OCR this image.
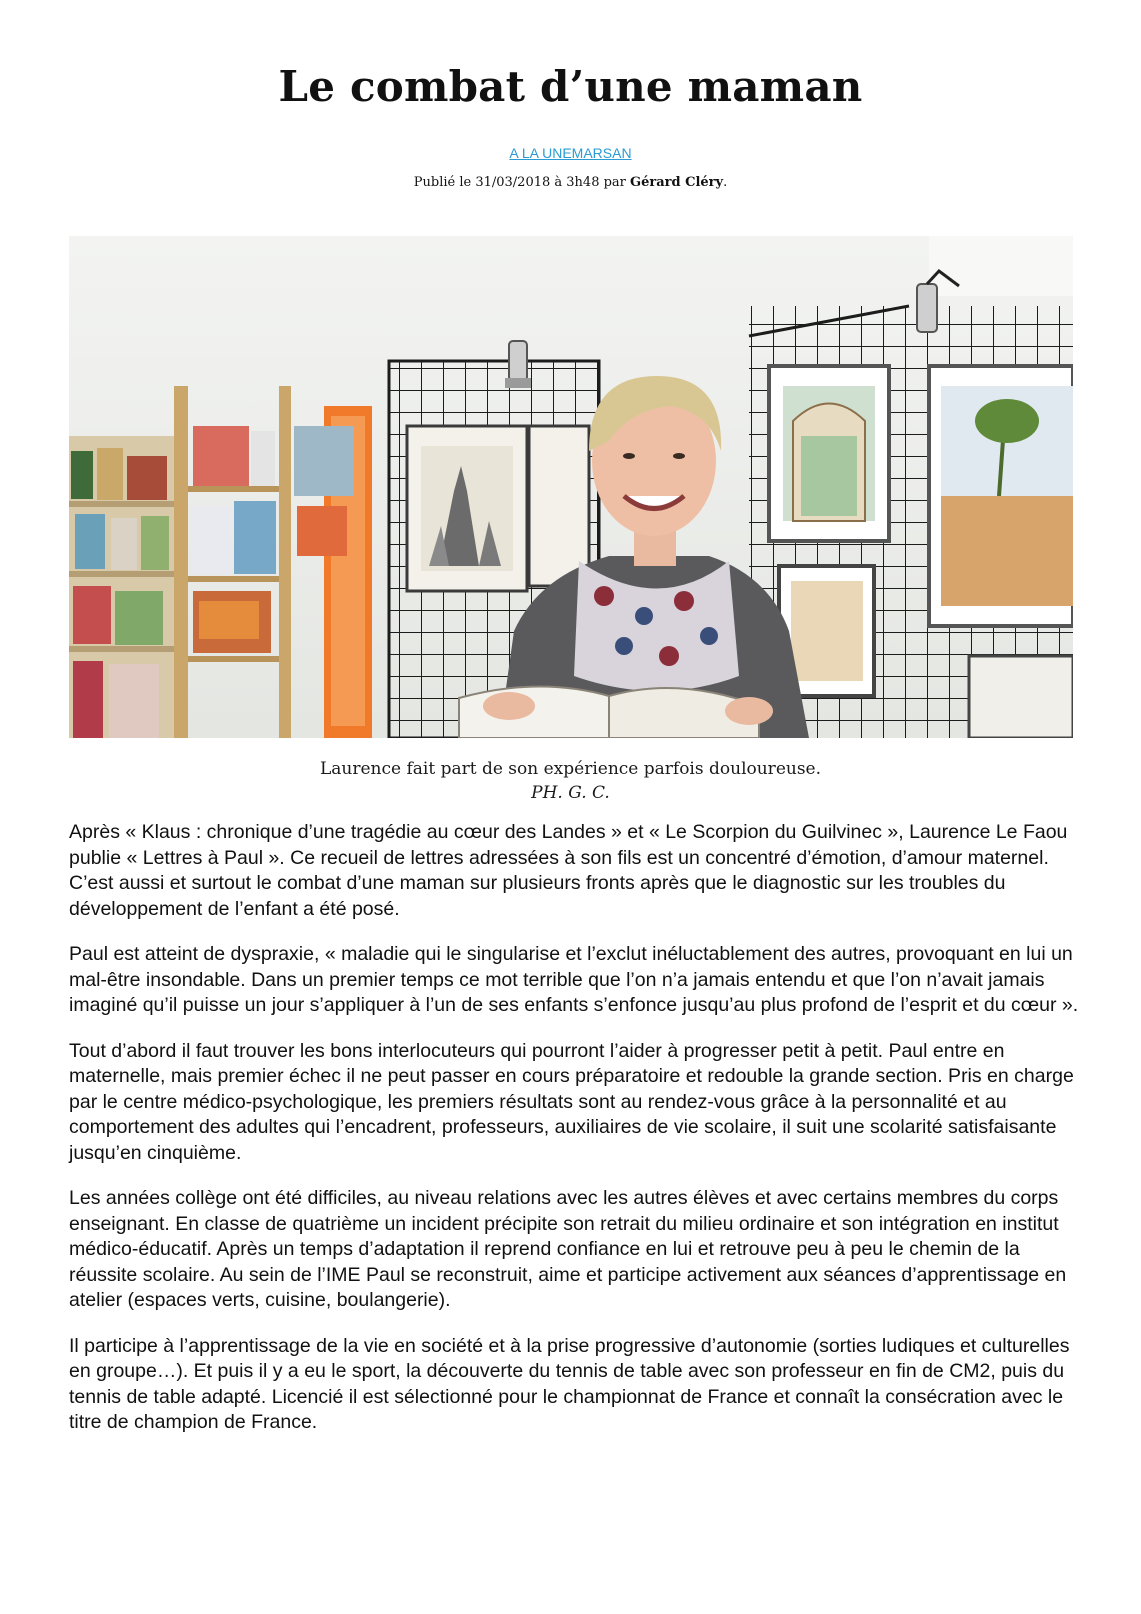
Le combat d’une maman
A LA UNEMARSAN
Publié le 31/03/2018 à 3h48 par Gérard Cléry.
Laurence fait part de son expérience parfois douloureuse.
PH. G. C.

Après « Klaus : chronique d’une tragédie au cœur des Landes » et « Le Scorpion du Guilvinec », Laurence Le Faou publie « Lettres à Paul ». Ce recueil de lettres adressées à son fils est un concentré d’émotion, d’amour maternel. C’est aussi et surtout le combat d’une maman sur plusieurs fronts après que le diagnostic sur les troubles du développement de l’enfant a été posé.

Paul est atteint de dyspraxie, « maladie qui le singularise et l’exclut inéluctablement des autres, provoquant en lui un mal-être insondable. Dans un premier temps ce mot terrible que l’on n’a jamais entendu et que l’on n’avait jamais imaginé qu’il puisse un jour s’appliquer à l’un de ses enfants s’enfonce jusqu’au plus profond de l’esprit et du cœur ».

Tout d’abord il faut trouver les bons interlocuteurs qui pourront l’aider à progresser petit à petit. Paul entre en maternelle, mais premier échec il ne peut passer en cours préparatoire et redouble la grande section. Pris en charge par le centre médico-psychologique, les premiers résultats sont au rendez-vous grâce à la personnalité et au comportement des adultes qui l’encadrent, professeurs, auxiliaires de vie scolaire, il suit une scolarité satisfaisante jusqu’en cinquième.

Les années collège ont été difficiles, au niveau relations avec les autres élèves et avec certains membres du corps enseignant. En classe de quatrième un incident précipite son retrait du milieu ordinaire et son intégration en institut médico-éducatif. Après un temps d’adaptation il reprend confiance en lui et retrouve peu à peu le chemin de la réussite scolaire. Au sein de l’IME Paul se reconstruit, aime et participe activement aux séances d’apprentissage en atelier (espaces verts, cuisine, boulangerie).

Il participe à l’apprentissage de la vie en société et à la prise progressive d’autonomie (sorties ludiques et culturelles en groupe…). Et puis il y a eu le sport, la découverte du tennis de table avec son professeur en fin de CM2, puis du tennis de table adapté. Licencié il est sélectionné pour le championnat de France et connaît la consécration avec le titre de champion de France.
